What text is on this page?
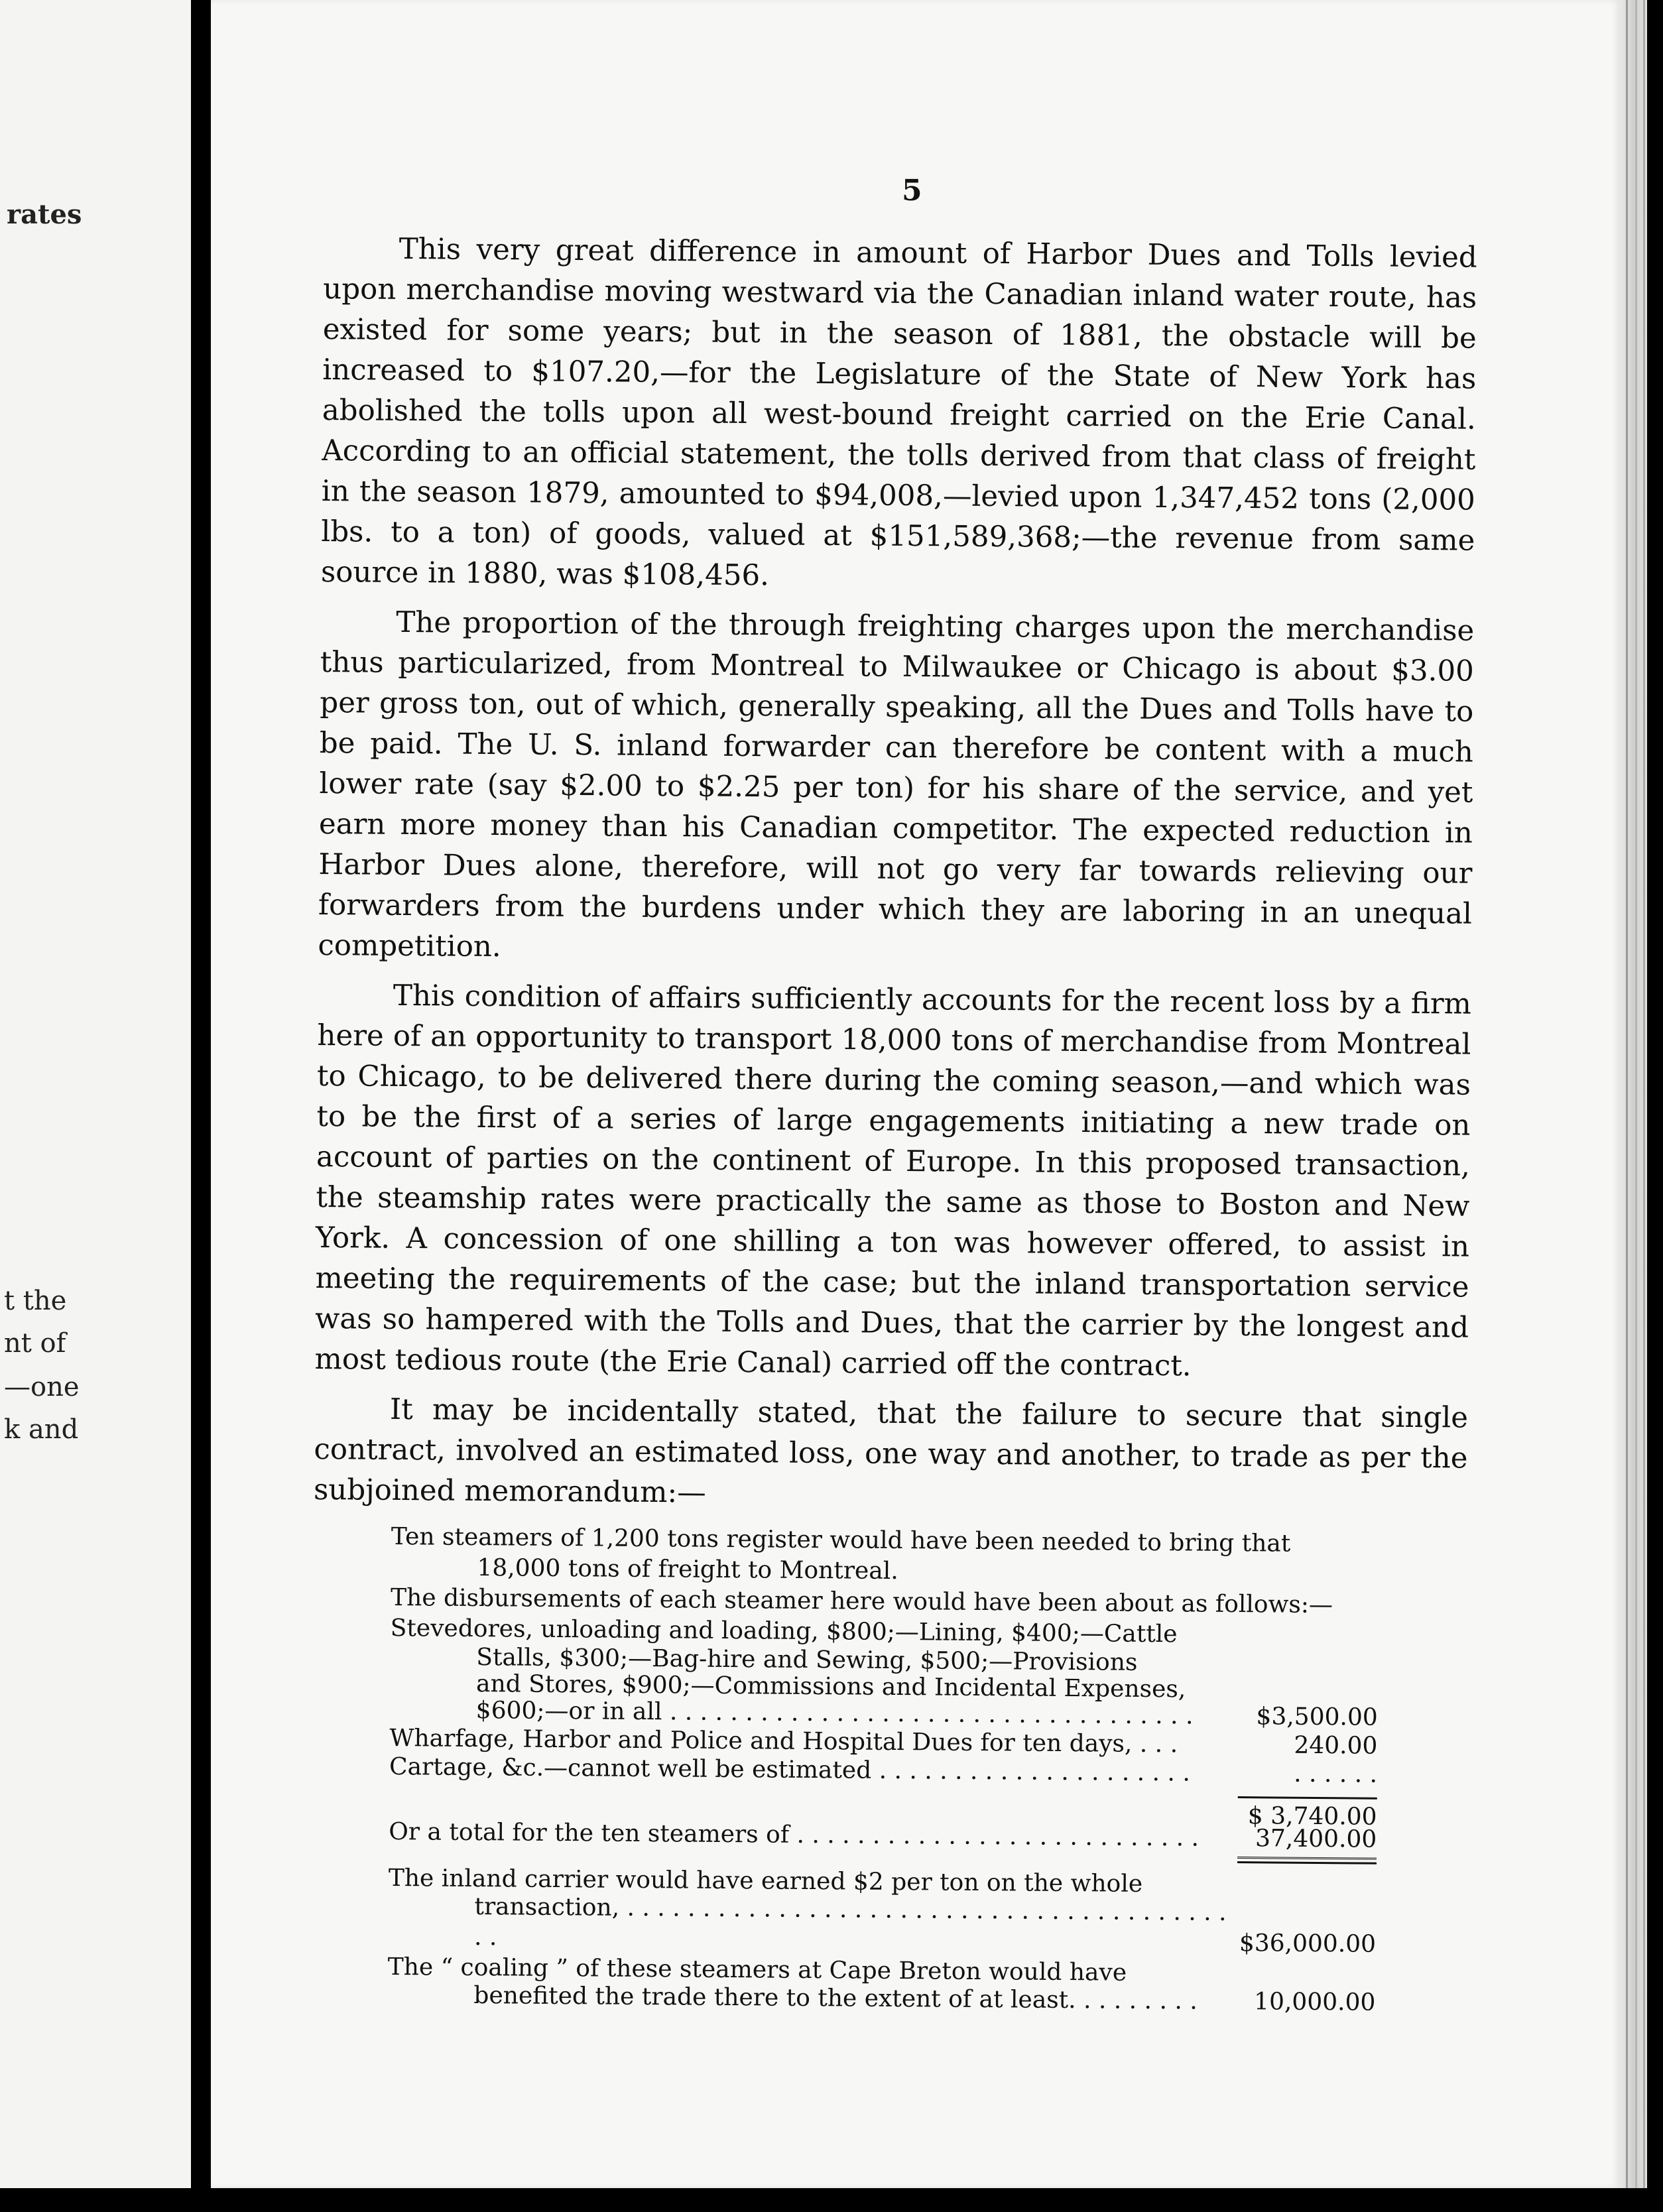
rates
t the
nt of
—one
k and
5

This very great difference in amount of Harbor Dues and Tolls levied upon merchandise moving westward via the Canadian inland water route, has existed for some years; but in the season of 1881, the obstacle will be increased to $107.20,—for the Legislature of the State of New York has abolished the tolls upon all west-bound freight carried on the Erie Canal. According to an official statement, the tolls derived from that class of freight in the season 1879, amounted to $94,008,—levied upon 1,347,452 tons (2,000 lbs. to a ton) of goods, valued at $151,589,368;—the revenue from same source in 1880, was $108,456.

The proportion of the through freighting charges upon the merchandise thus particularized, from Montreal to Milwaukee or Chicago is about $3.00 per gross ton, out of which, generally speaking, all the Dues and Tolls have to be paid. The U. S. inland forwarder can therefore be content with a much lower rate (say $2.00 to $2.25 per ton) for his share of the service, and yet earn more money than his Canadian competitor. The expected reduction in Harbor Dues alone, therefore, will not go very far towards relieving our forwarders from the burdens under which they are laboring in an unequal competition.

This condition of affairs sufficiently accounts for the recent loss by a firm here of an opportunity to transport 18,000 tons of merchandise from Montreal to Chicago, to be delivered there during the coming season,—and which was to be the first of a series of large engagements initiating a new trade on account of parties on the continent of Europe. In this proposed transaction, the steamship rates were practically the same as those to Boston and New York. A concession of one shilling a ton was however offered, to assist in meeting the requirements of the case; but the inland transportation service was so hampered with the Tolls and Dues, that the carrier by the longest and most tedious route (the Erie Canal) carried off the contract.

It may be incidentally stated, that the failure to secure that single contract, involved an estimated loss, one way and another, to trade as per the subjoined memorandum:—

Ten steamers of 1,200 tons register would have been needed to bring that
18,000 tons of freight to Montreal.
The disbursements of each steamer here would have been about as follows:—
Stevedores, unloading and loading, $800;—Lining, $400;—Cattle
Stalls, $300;—Bag-hire and Sewing, $500;—Provisions
and Stores, $900;—Commissions and Incidental Expenses,
$600;—or in all . . . . . . . . . . . . . . . . . . . . . . . . . . . . . . . . . . .	$3,500.00
Wharfage, Harbor and Police and Hospital Dues for ten days, . . .	240.00
Cartage, &c.—cannot well be estimated . . . . . . . . . . . . . . . . . . . . .	. . . . . .
$ 3,740.00
Or a total for the ten steamers of . . . . . . . . . . . . . . . . . . . . . . . . . . .	37,400.00
The inland carrier would have earned $2 per ton on the whole
transaction, . . . . . . . . . . . . . . . . . . . . . . . . . . . . . . . . . . . . . . . . . .	$36,000.00
The “ coaling ” of these steamers at Cape Breton would have
benefited the trade there to the extent of at least. . . . . . . . .	10,000.00
